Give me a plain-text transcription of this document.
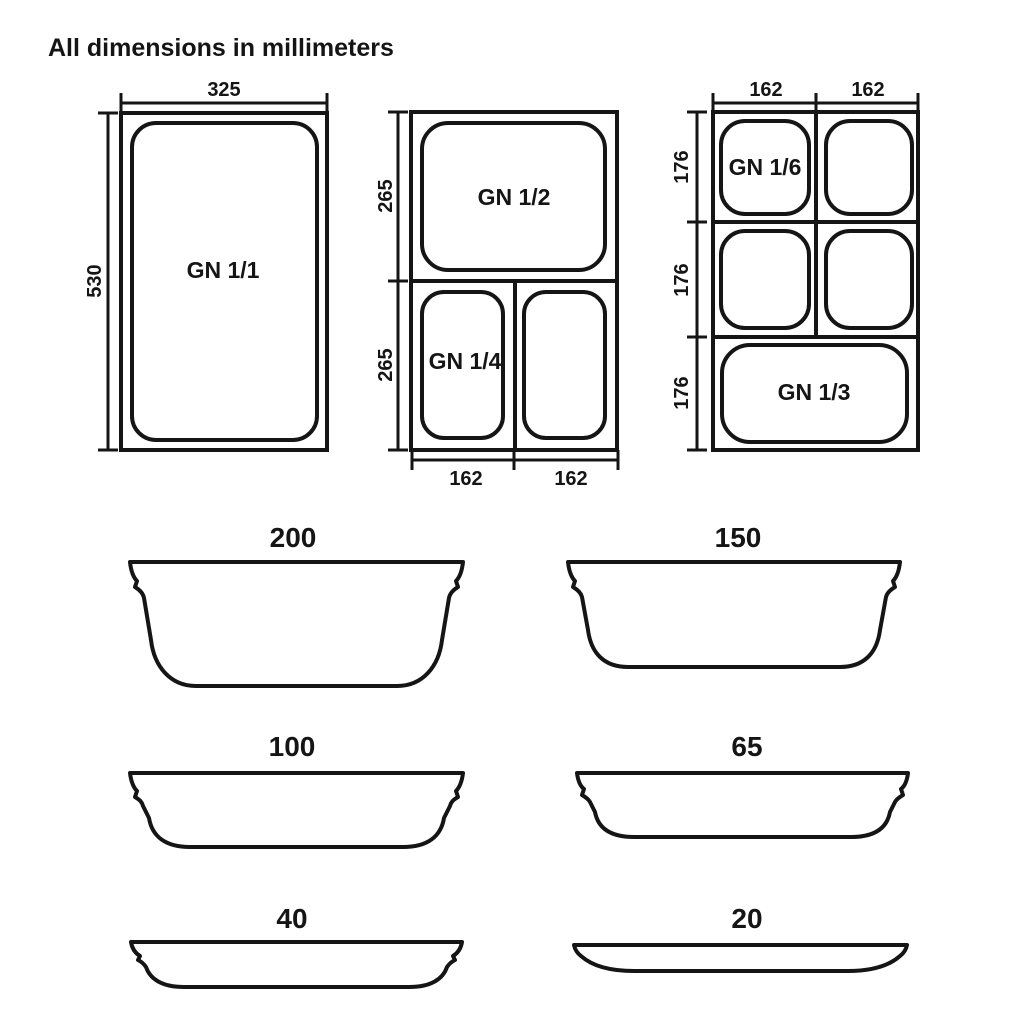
All dimensions in millimeters
GN 1/1
325
530
GN 1/2
GN 1/4
265
265
162	162
GN 1/6
GN 1/3
162	162
176
176
176
200	150
100	65
40	20
